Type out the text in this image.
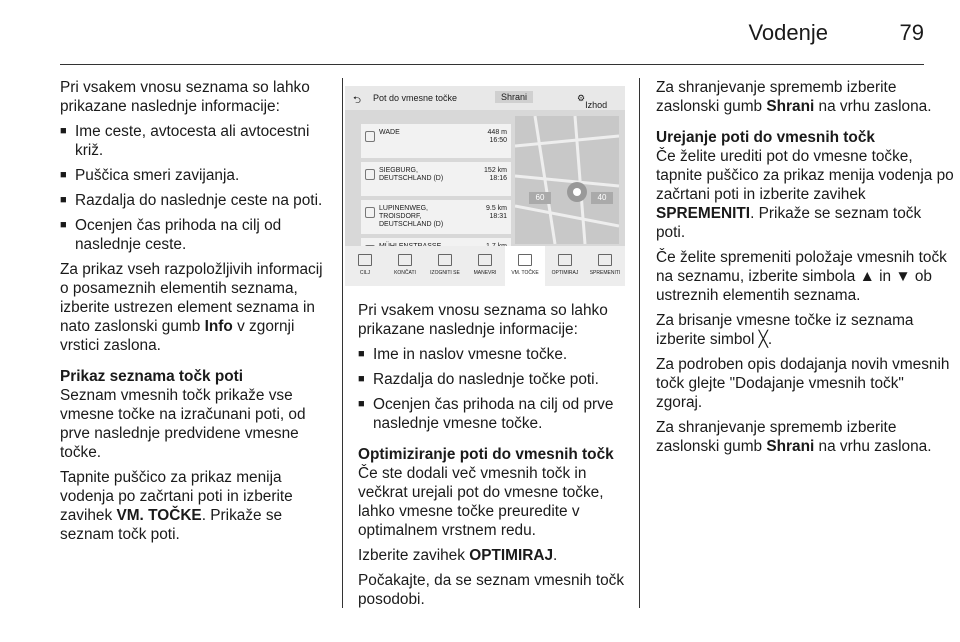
Vodenje	79

Pri vsakem vnosu seznama so lahko prikazane naslednje informacije:

■ Ime ceste, avtocesta ali avtocestni križ.
■ Puščica smeri zavijanja.
■ Razdalja do naslednje ceste na poti.
■ Ocenjen čas prihoda na cilj od naslednje ceste.

Za prikaz vseh razpoložljivih informacij o posameznih elementih seznama, izberite ustrezen element seznama in nato zaslonski gumb Info v zgornji vrstici zaslona.

Prikaz seznama točk poti

Seznam vmesnih točk prikaže vse vmesne točke na izračunani poti, od prve naslednje predvidene vmesne točke.

Tapnite puščico za prikaz menija vodenja po začrtani poti in izberite zavihek VM. TOČKE. Prikaže se seznam točk poti.

⮌ Pot do vmesne točke	Shrani	⚙
Izhod
WADE	448 m
16:50
SIEGBURG, DEUTSCHLAND (D)
152 km
18:16
LUPINENWEG, TROISDORF, DEUTSCHLAND (D)
9.5 km
18:31
60	40
CILJ	KONČATI	IZOGNITI SE	MANEVRI	VM. TOČKE	OPTIMIRAJ	SPREMENITI

Pri vsakem vnosu seznama so lahko prikazane naslednje informacije:

■ Ime in naslov vmesne točke.
■ Razdalja do naslednje točke poti.
■ Ocenjen čas prihoda na cilj od prve naslednje vmesne točke.

Optimiziranje poti do vmesnih točk

Če ste dodali več vmesnih točk in večkrat urejali pot do vmesne točke, lahko vmesne točke preuredite v optimalnem vrstnem redu.

Izberite zavihek OPTIMIRAJ.

Počakajte, da se seznam vmesnih točk posodobi.

Za shranjevanje sprememb izberite zaslonski gumb Shrani na vrhu zaslona.

Urejanje poti do vmesnih točk

Če želite urediti pot do vmesne točke, tapnite puščico za prikaz menija vodenja po začrtani poti in izberite zavihek SPREMENITI. Prikaže se seznam točk poti.

Če želite spremeniti položaje vmesnih točk na seznamu, izberite simbola ▲ in ▼ ob ustreznih elementih seznama.

Za brisanje vmesne točke iz seznama izberite simbol ╳.

Za podroben opis dodajanja novih vmesnih točk glejte "Dodajanje vmesnih točk" zgoraj.

Za shranjevanje sprememb izberite zaslonski gumb Shrani na vrhu zaslona.
